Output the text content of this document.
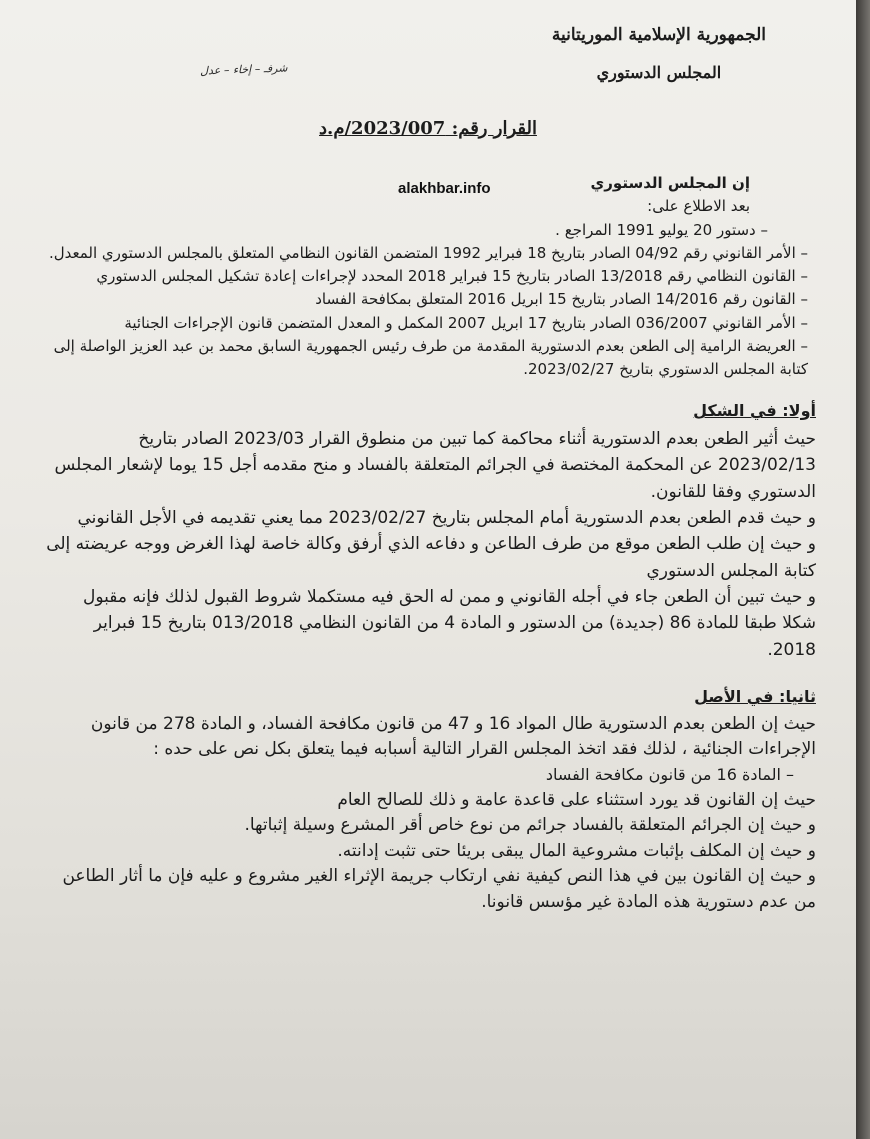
الجمهورية الإسلامية الموريتانية
المجلس الدستوري
شرفـ – إخاء – عدل
القرار رقم: 2023/007/م.د
alakhbar.info	إن المجلس الدستوري

بعد الاطلاع على:

– دستور 20 يوليو 1991 المراجع .

– الأمر القانوني رقم 04/92 الصادر بتاريخ 18 فبراير 1992 المتضمن القانون النظامي المتعلق بالمجلس الدستوري المعدل.

– القانون النظامي رقم 13/2018 الصادر بتاريخ 15 فبراير 2018 المحدد لإجراءات إعادة تشكيل المجلس الدستوري

– القانون رقم 14/2016 الصادر بتاريخ 15 ابريل 2016 المتعلق بمكافحة الفساد

– الأمر القانوني 036/2007 الصادر بتاريخ 17 ابريل 2007 المكمل و المعدل المتضمن قانون الإجراءات الجنائية

– العريضة الرامية إلى الطعن بعدم الدستورية المقدمة من طرف رئيس الجمهورية السابق محمد بن عبد العزيز الواصلة إلى كتابة المجلس الدستوري بتاريخ 2023/02/27.

أولا: في الشكل

حيث أثير الطعن بعدم الدستورية أثناء محاكمة كما تبين من منطوق القرار 2023/03 الصادر بتاريخ 2023/02/13 عن المحكمة المختصة في الجرائم المتعلقة بالفساد و منح مقدمه أجل 15 يوما لإشعار المجلس الدستوري وفقا للقانون.

و حيث قدم الطعن بعدم الدستورية أمام المجلس بتاريخ 2023/02/27 مما يعني تقديمه في الأجل القانوني

و حيث إن طلب الطعن موقع من طرف الطاعن و دفاعه الذي أرفق وكالة خاصة لهذا الغرض ووجه عريضته إلى كتابة المجلس الدستوري

و حيث تبين أن الطعن جاء في أجله القانوني و ممن له الحق فيه مستكملا شروط القبول لذلك فإنه مقبول شكلا طبقا للمادة 86 (جديدة) من الدستور و المادة 4 من القانون النظامي 013/2018 بتاريخ 15 فبراير 2018.

ثانيا: في الأصل

حيث إن الطعن بعدم الدستورية طال المواد 16 و 47 من قانون مكافحة الفساد، و المادة 278 من قانون الإجراءات الجنائية ، لذلك فقد اتخذ المجلس القرار التالية أسبابه فيما يتعلق بكل نص على حده :

– المادة 16 من قانون مكافحة الفساد

حيث إن القانون قد يورد استثناء على قاعدة عامة و ذلك للصالح العام

و حيث إن الجرائم المتعلقة بالفساد جرائم من نوع خاص أقر المشرع وسيلة إثباتها.

و حيث إن المكلف بإثبات مشروعية المال يبقى بريئا حتى تثبت إدانته.

و حيث إن القانون بين في هذا النص كيفية نفي ارتكاب جريمة الإثراء الغير مشروع و عليه فإن ما أثار الطاعن من عدم دستورية هذه المادة غير مؤسس قانونا.
